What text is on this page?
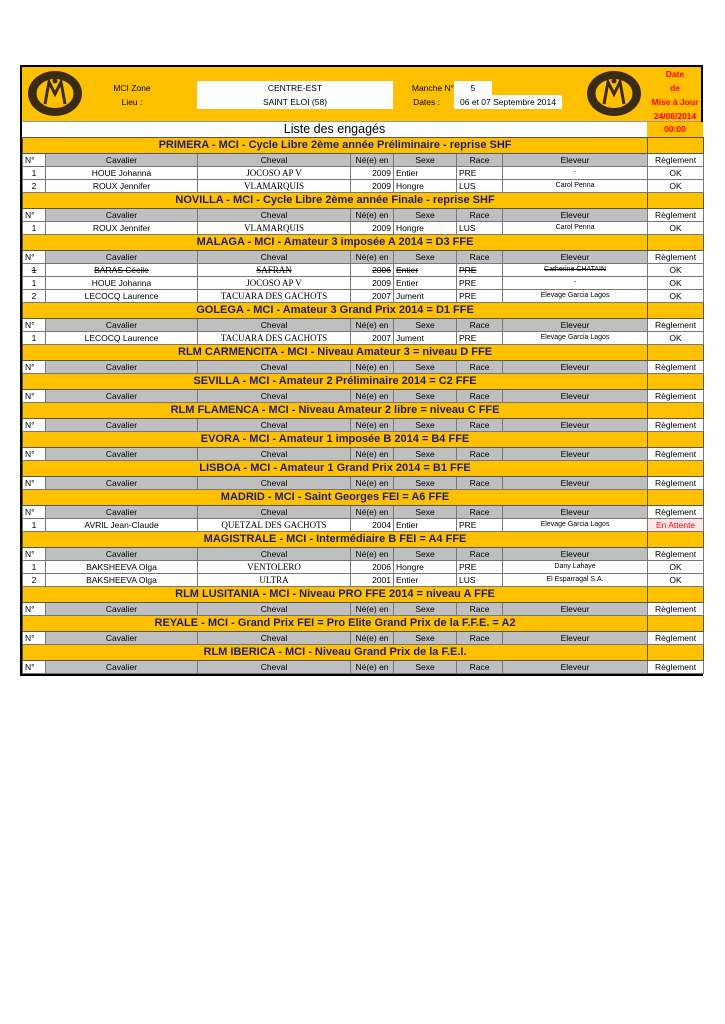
MCI Zone
Lieu :
CENTRE-EST
SAINT ELOI (58)
Manche N°
Dates :
5
06 et 07 Septembre 2014
Date
de
Mise à Jour
24/08/2014
Liste des engagés	00:00
PRIMERA - MCI - Cycle Libre 2ème année Préliminaire - reprise SHF							
N°	Cavalier	Cheval	Né(e) en	Sexe	Race	Eleveur	Règlement
1	HOUE Johanna	JOCOSO AP V	2009	Entier	PRE	-	OK
2	ROUX Jennifer	VLAMARQUIS	2009	Hongre	LUS	Carol Penna	OK
NOVILLA - MCI - Cycle Libre 2ème année Finale - reprise SHF							
N°	Cavalier	Cheval	Né(e) en	Sexe	Race	Eleveur	Règlement
1	ROUX Jennifer	VLAMARQUIS	2009	Hongre	LUS	Carol Penna	OK
MALAGA - MCI - Amateur 3 imposée A 2014 = D3 FFE							
N°	Cavalier	Cheval	Né(e) en	Sexe	Race	Eleveur	Règlement
1	BARAS Cécile	SAFRAN	2006	Entier	PRE	Catherine CHATAIN	OK
1	HOUE Johanna	JOCOSO AP V	2009	Entier	PRE	-	OK
2	LECOCQ Laurence	TACUARA DES GACHOTS	2007	Jument	PRE	Elevage Garcia Lagos	OK
GOLEGA - MCI - Amateur 3 Grand Prix 2014 = D1 FFE							
N°	Cavalier	Cheval	Né(e) en	Sexe	Race	Eleveur	Règlement
1	LECOCQ Laurence	TACUARA DES GACHOTS	2007	Jument	PRE	Elevage Garcia Lagos	OK
RLM CARMENCITA - MCI - Niveau Amateur 3 = niveau D FFE							
N°	Cavalier	Cheval	Né(e) en	Sexe	Race	Eleveur	Règlement
SEVILLA - MCI - Amateur 2 Préliminaire 2014 = C2 FFE							
N°	Cavalier	Cheval	Né(e) en	Sexe	Race	Eleveur	Règlement
RLM FLAMENCA - MCI - Niveau Amateur 2 libre = niveau C FFE							
N°	Cavalier	Cheval	Né(e) en	Sexe	Race	Eleveur	Règlement
EVORA - MCI - Amateur 1 imposée B 2014 = B4 FFE							
N°	Cavalier	Cheval	Né(e) en	Sexe	Race	Eleveur	Règlement
LISBOA - MCI - Amateur 1 Grand Prix 2014 = B1 FFE							
N°	Cavalier	Cheval	Né(e) en	Sexe	Race	Eleveur	Règlement
MADRID - MCI - Saint Georges FEI = A6 FFE							
N°	Cavalier	Cheval	Né(e) en	Sexe	Race	Eleveur	Règlement
1	AVRIL Jean-Claude	QUETZAL DES GACHOTS	2004	Entier	PRE	Elevage Garcia Lagos	En Attente
MAGISTRALE - MCI - Intermédiaire B FEI = A4 FFE							
N°	Cavalier	Cheval	Né(e) en	Sexe	Race	Eleveur	Règlement
1	BAKSHEEVA Olga	VENTOLERO	2006	Hongre	PRE	Dany Lahaye	OK
2	BAKSHEEVA Olga	ULTRA	2001	Entier	LUS	El Esparragal S.A.	OK
RLM LUSITANIA - MCI - Niveau PRO FFE 2014 = niveau A FFE							
N°	Cavalier	Cheval	Né(e) en	Sexe	Race	Eleveur	Règlement
REYALE - MCI - Grand Prix FEI = Pro Elite Grand Prix de la F.F.E. = A2							
N°	Cavalier	Cheval	Né(e) en	Sexe	Race	Eleveur	Règlement
RLM IBERICA - MCI - Niveau Grand Prix de la F.E.I.							
N°	Cavalier	Cheval	Né(e) en	Sexe	Race	Eleveur	Règlement
